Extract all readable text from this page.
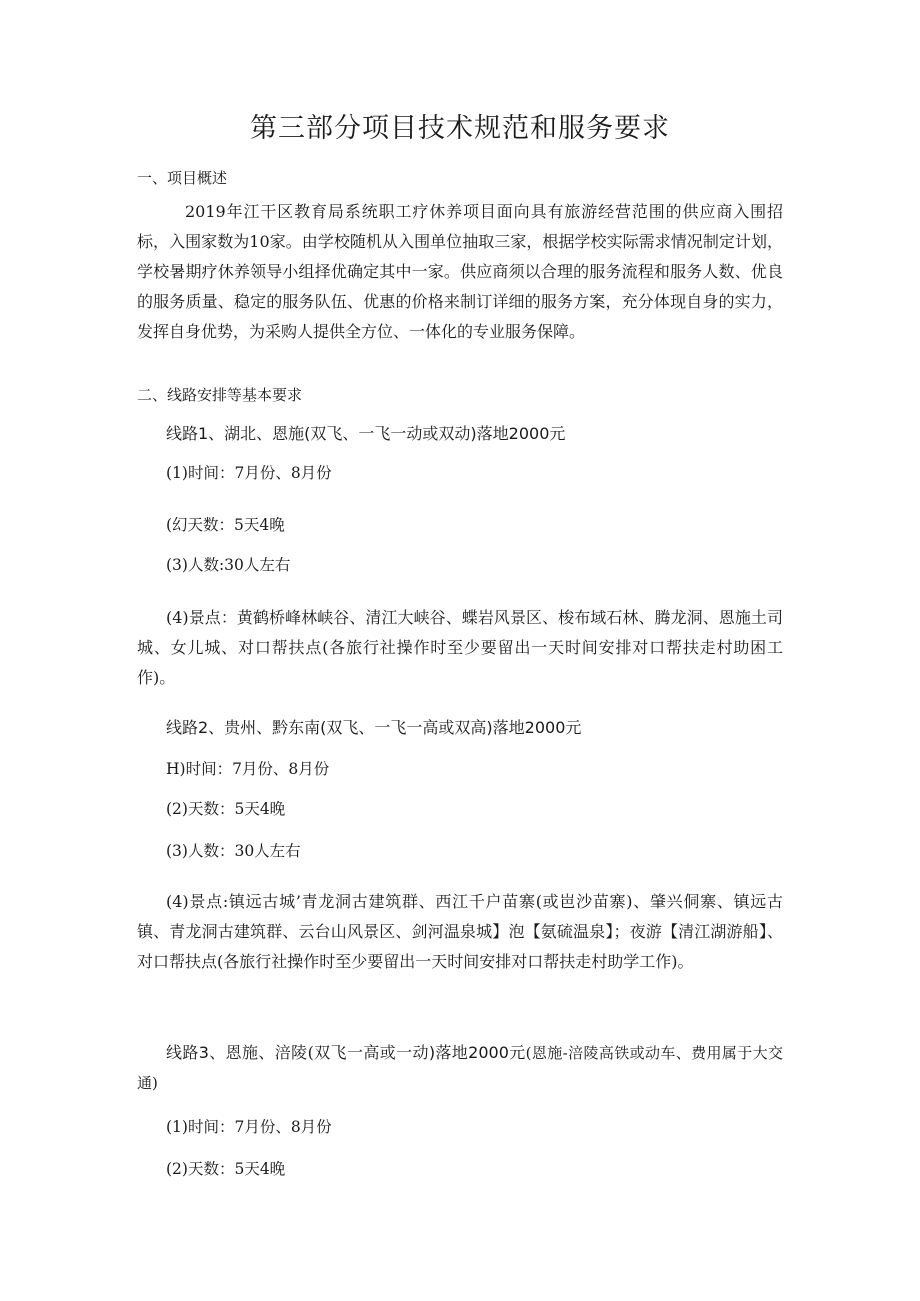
第三部分项目技术规范和服务要求
一、项目概述
2019年江干区教育局系统职工疗休养项目面向具有旅游经营范围的供应商入围招标，入围家数为10家。由学校随机从入围单位抽取三家，根据学校实际需求情况制定计划，学校暑期疗休养领导小组择优确定其中一家。供应商须以合理的服务流程和服务人数、优良的服务质量、稳定的服务队伍、优惠的价格来制订详细的服务方案，充分体现自身的实力，发挥自身优势，为采购人提供全方位、一体化的专业服务保障。
二、线路安排等基本要求
线路1、湖北、恩施(双飞、一飞一动或双动)落地2000元
(1)时间：7月份、8月份
(幻天数：5天4晚
(3)人数:30人左右
(4)景点：黄鹤桥峰林峡谷、清江大峡谷、蝶岩风景区、梭布域石林、腾龙洞、恩施土司城、女儿城、对口帮扶点(各旅行社操作时至少要留出一天时间安排对口帮扶走村助困工作)。
线路2、贵州、黔东南(双飞、一飞一高或双高)落地2000元
H)时间：7月份、8月份
(2)天数：5天4晚
(3)人数：30人左右
(4)景点:镇远古城’青龙洞古建筑群、西江千户苗寨(或岜沙苗寨)、肇兴侗寨、镇远古镇、青龙洞古建筑群、云台山风景区、剑河温泉城】泡【氨硫温泉】；夜游【清江湖游船】、对口帮扶点(各旅行社操作时至少要留出一天时间安排对口帮扶走村助学工作)。
线路3、恩施、涪陵(双飞一高或一动)落地2000元(恩施-涪陵高铁或动车、费用属于大交通)
(1)时间：7月份、8月份
(2)天数：5天4晚
